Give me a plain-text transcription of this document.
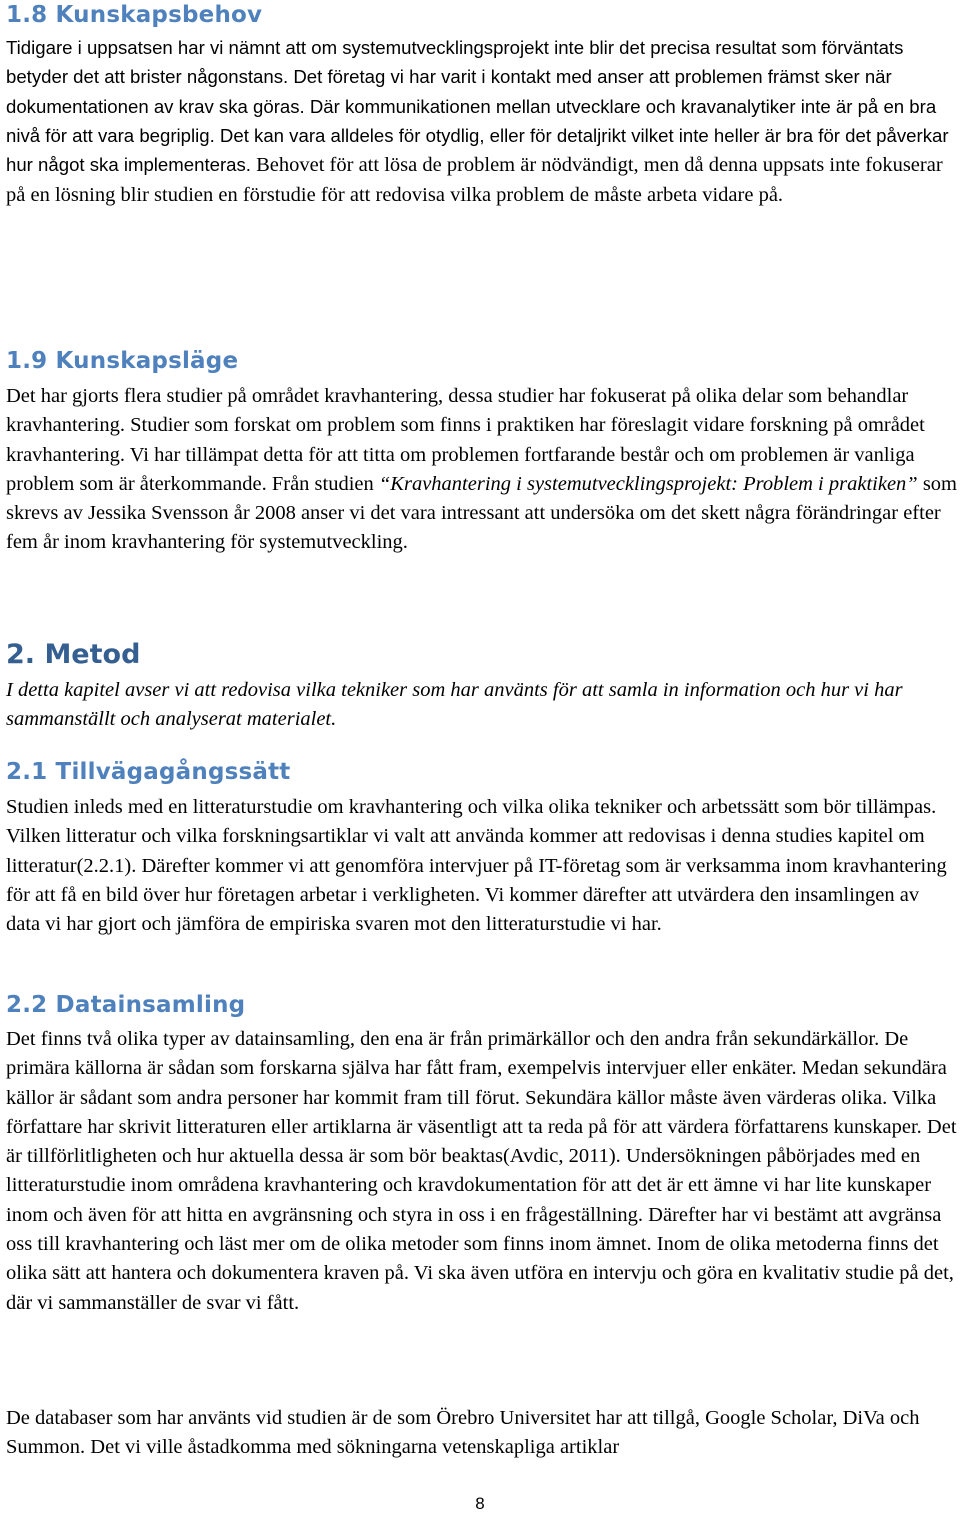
1.8 Kunskapsbehov

Tidigare i uppsatsen har vi nämnt att om systemutvecklingsprojekt inte blir det precisa resultat som förväntats betyder det att brister någonstans. Det företag vi har varit i kontakt med anser att problemen främst sker när dokumentationen av krav ska göras. Där kommunikationen mellan utvecklare och kravanalytiker inte är på en bra nivå för att vara begriplig. Det kan vara alldeles för otydlig, eller för detaljrikt vilket inte heller är bra för det påverkar hur något ska implementeras. Behovet för att lösa de problem är nödvändigt, men då denna uppsats inte fokuserar på en lösning blir studien en förstudie för att redovisa vilka problem de måste arbeta vidare på.

1.9 Kunskapsläge

Det har gjorts flera studier på området kravhantering, dessa studier har fokuserat på olika delar som behandlar kravhantering. Studier som forskat om problem som finns i praktiken har föreslagit vidare forskning på området kravhantering. Vi har tillämpat detta för att titta om problemen fortfarande består och om problemen är vanliga problem som är återkommande. Från studien “Kravhantering i systemutvecklingsprojekt: Problem i praktiken” som skrevs av Jessika Svensson år 2008 anser vi det vara intressant att undersöka om det skett några förändringar efter fem år inom kravhantering för systemutveckling.

2. Metod

I detta kapitel avser vi att redovisa vilka tekniker som har använts för att samla in information och hur vi har sammanställt och analyserat materialet.

2.1 Tillvägagångssätt

Studien inleds med en litteraturstudie om kravhantering och vilka olika tekniker och arbetssätt som bör tillämpas. Vilken litteratur och vilka forskningsartiklar vi valt att använda kommer att redovisas i denna studies kapitel om litteratur(2.2.1). Därefter kommer vi att genomföra intervjuer på IT-företag som är verksamma inom kravhantering för att få en bild över hur företagen arbetar i verkligheten. Vi kommer därefter att utvärdera den insamlingen av data vi har gjort och jämföra de empiriska svaren mot den litteraturstudie vi har.

2.2 Datainsamling

Det finns två olika typer av datainsamling, den ena är från primärkällor och den andra från sekundärkällor. De primära källorna är sådan som forskarna själva har fått fram, exempelvis intervjuer eller enkäter. Medan sekundära källor är sådant som andra personer har kommit fram till förut. Sekundära källor måste även värderas olika. Vilka författare har skrivit litteraturen eller artiklarna är väsentligt att ta reda på för att värdera författarens kunskaper. Det är tillförlitligheten och hur aktuella dessa är som bör beaktas(Avdic, 2011). Undersökningen påbörjades med en litteraturstudie inom områdena kravhantering och kravdokumentation för att det är ett ämne vi har lite kunskaper inom och även för att hitta en avgränsning och styra in oss i en frågeställning. Därefter har vi bestämt att avgränsa oss till kravhantering och läst mer om de olika metoder som finns inom ämnet. Inom de olika metoderna finns det olika sätt att hantera och dokumentera kraven på. Vi ska även utföra en intervju och göra en kvalitativ studie på det, där vi sammanställer de svar vi fått.

De databaser som har använts vid studien är de som Örebro Universitet har att tillgå, Google Scholar, DiVa och Summon. Det vi ville åstadkomma med sökningarna vetenskapliga artiklar

8
